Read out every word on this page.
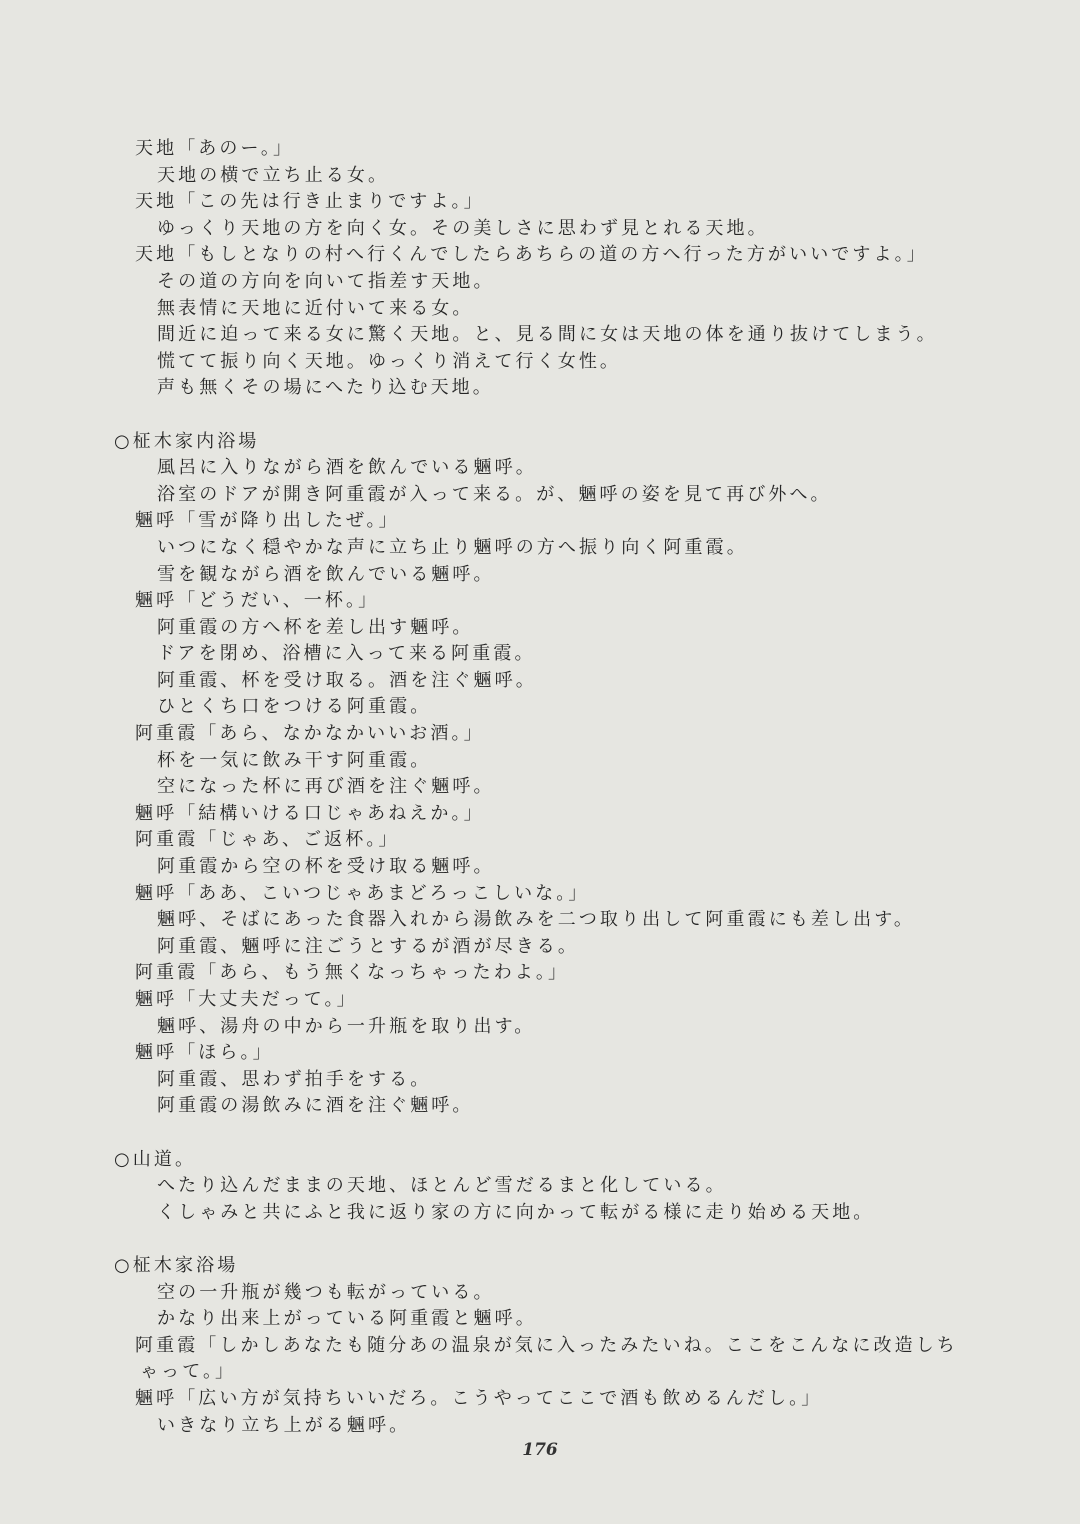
天地「あのー。」
天地の横で立ち止る女。
天地「この先は行き止まりですよ。」
ゆっくり天地の方を向く女。その美しさに思わず見とれる天地。
天地「もしとなりの村へ行くんでしたらあちらの道の方へ行った方がいいですよ。」
その道の方向を向いて指差す天地。
無表情に天地に近付いて来る女。
間近に迫って来る女に驚く天地。と、見る間に女は天地の体を通り抜けてしまう。
慌てて振り向く天地。ゆっくり消えて行く女性。
声も無くその場にへたり込む天地。
○柾木家内浴場
風呂に入りながら酒を飲んでいる魎呼。
浴室のドアが開き阿重霞が入って来る。が、魎呼の姿を見て再び外へ。
魎呼「雪が降り出したぜ。」
いつになく穏やかな声に立ち止り魎呼の方へ振り向く阿重霞。
雪を観ながら酒を飲んでいる魎呼。
魎呼「どうだい、一杯。」
阿重霞の方へ杯を差し出す魎呼。
ドアを閉め、浴槽に入って来る阿重霞。
阿重霞、杯を受け取る。酒を注ぐ魎呼。
ひとくち口をつける阿重霞。
阿重霞「あら、なかなかいいお酒。」
杯を一気に飲み干す阿重霞。
空になった杯に再び酒を注ぐ魎呼。
魎呼「結構いける口じゃあねえか。」
阿重霞「じゃあ、ご返杯。」
阿重霞から空の杯を受け取る魎呼。
魎呼「ああ、こいつじゃあまどろっこしいな。」
魎呼、そばにあった食器入れから湯飲みを二つ取り出して阿重霞にも差し出す。
阿重霞、魎呼に注ごうとするが酒が尽きる。
阿重霞「あら、もう無くなっちゃったわよ。」
魎呼「大丈夫だって。」
魎呼、湯舟の中から一升瓶を取り出す。
魎呼「ほら。」
阿重霞、思わず拍手をする。
阿重霞の湯飲みに酒を注ぐ魎呼。
○山道。
へたり込んだままの天地、ほとんど雪だるまと化している。
くしゃみと共にふと我に返り家の方に向かって転がる様に走り始める天地。
○柾木家浴場
空の一升瓶が幾つも転がっている。
かなり出来上がっている阿重霞と魎呼。
阿重霞「しかしあなたも随分あの温泉が気に入ったみたいね。ここをこんなに改造しち
ゃって。」
魎呼「広い方が気持ちいいだろ。こうやってここで酒も飲めるんだし。」
いきなり立ち上がる魎呼。
176
